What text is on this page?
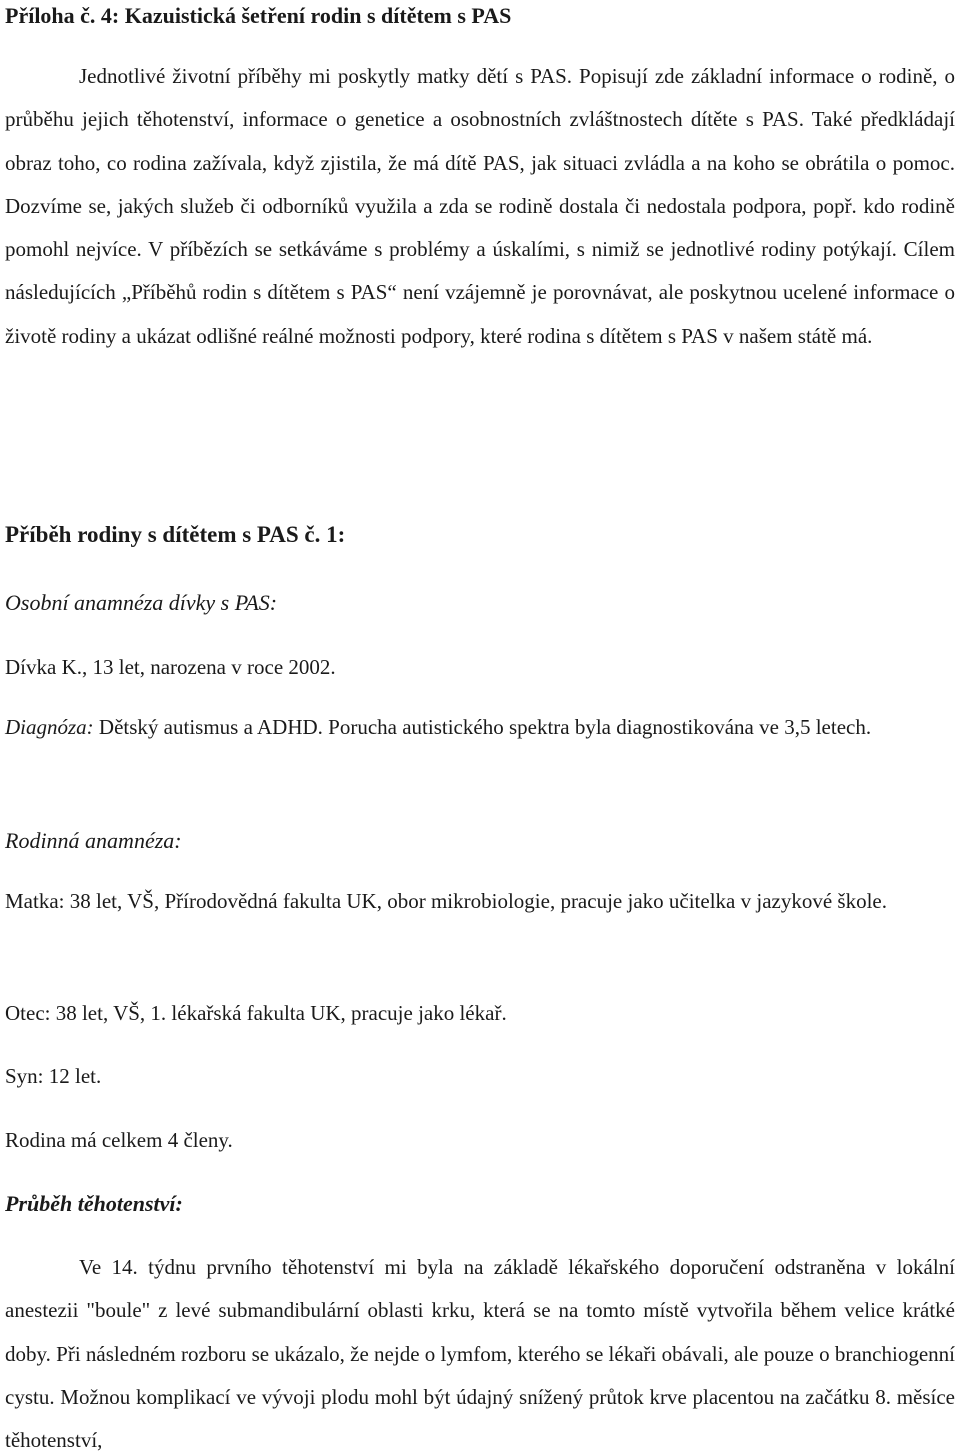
Příloha č. 4: Kazuistická šetření rodin s dítětem s PAS

Jednotlivé životní příběhy mi poskytly matky dětí s PAS. Popisují zde základní informace o rodině, o průběhu jejich těhotenství, informace o genetice a osobnostních zvláštnostech dítěte s PAS. Také předkládají obraz toho, co rodina zažívala, když zjistila, že má dítě PAS, jak situaci zvládla a na koho se obrátila o pomoc. Dozvíme se, jakých služeb či odborníků využila a zda se rodině dostala či nedostala podpora, popř. kdo rodině pomohl nejvíce. V příbězích se setkáváme s problémy a úskalími, s nimiž se jednotlivé rodiny potýkají. Cílem následujících „Příběhů rodin s dítětem s PAS“ není vzájemně je porovnávat, ale poskytnou ucelené informace o životě rodiny a ukázat odlišné reálné možnosti podpory, které rodina s dítětem s PAS v našem státě má.

Příběh rodiny s dítětem s PAS č. 1:
Osobní anamnéza dívky s PAS:
Dívka K., 13 let, narozena v roce 2002.

Diagnóza: Dětský autismus a ADHD. Porucha autistického spektra byla diagnostikována ve 3,5 letech.

Rodinná anamnéza:

Matka: 38 let, VŠ, Přírodovědná fakulta UK, obor mikrobiologie, pracuje jako učitelka v jazykové škole.

Otec: 38 let, VŠ, 1. lékařská fakulta UK, pracuje jako lékař.
Syn: 12 let.
Rodina má celkem 4 členy.
Průběh těhotenství:

Ve 14. týdnu prvního těhotenství mi byla na základě lékařského doporučení odstraněna v lokální anestezii "boule" z levé submandibulární oblasti krku, která se na tomto místě vytvořila během velice krátké doby. Při následném rozboru se ukázalo, že nejde o lymfom, kterého se lékaři obávali, ale pouze o branchiogenní cystu. Možnou komplikací ve vývoji plodu mohl být údajný snížený průtok krve placentou na začátku 8. měsíce těhotenství,
